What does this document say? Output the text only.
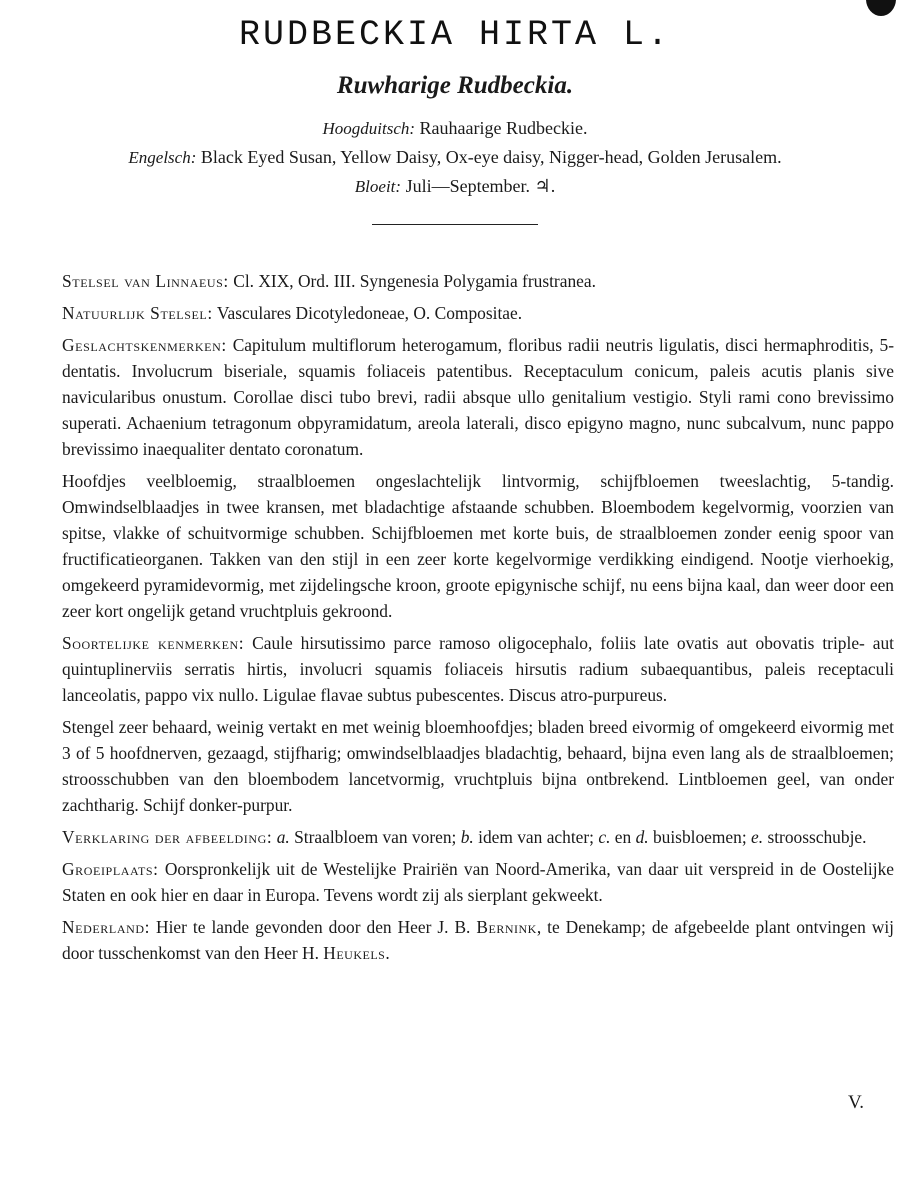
RUDBECKIA HIRTA L.
Ruwharige Rudbeckia.
Hoogduitsch: Rauhaarige Rudbeckie.
Engelsch: Black Eyed Susan, Yellow Daisy, Ox-eye daisy, Nigger-head, Golden Jerusalem.
Bloeit: Juli—September. ♃.

Stelsel van Linnaeus: Cl. XIX, Ord. III. Syngenesia Polygamia frustranea.

Natuurlijk Stelsel: Vasculares Dicotyledoneae, O. Compositae.

Geslachtskenmerken: Capitulum multiflorum heterogamum, floribus radii neutris ligulatis, disci hermaphroditis, 5-dentatis. Involucrum biseriale, squamis foliaceis patentibus. Receptaculum conicum, paleis acutis planis sive navicularibus onustum. Corollae disci tubo brevi, radii absque ullo genitalium vestigio. Styli rami cono brevissimo superati. Achaenium tetragonum obpyramidatum, areola laterali, disco epigyno magno, nunc subcalvum, nunc pappo brevissimo inaequaliter dentato coronatum.

Hoofdjes veelbloemig, straalbloemen ongeslachtelijk lintvormig, schijfbloemen tweeslachtig, 5-tandig. Omwindselblaadjes in twee kransen, met bladachtige afstaande schubben. Bloembodem kegelvormig, voorzien van spitse, vlakke of schuitvormige schubben. Schijfbloemen met korte buis, de straalbloemen zonder eenig spoor van fructificatieorganen. Takken van den stijl in een zeer korte kegelvormige verdikking eindigend. Nootje vierhoekig, omgekeerd pyramidevormig, met zijdelingsche kroon, groote epigynische schijf, nu eens bijna kaal, dan weer door een zeer kort ongelijk getand vruchtpluis gekroond.

Soortelijke kenmerken: Caule hirsutissimo parce ramoso oligocephalo, foliis late ovatis aut obovatis triple- aut quintuplinerviis serratis hirtis, involucri squamis foliaceis hirsutis radium subaequantibus, paleis receptaculi lanceolatis, pappo vix nullo. Ligulae flavae subtus pubescentes. Discus atro-purpureus.

Stengel zeer behaard, weinig vertakt en met weinig bloemhoofdjes; bladen breed eivormig of omgekeerd eivormig met 3 of 5 hoofdnerven, gezaagd, stijfharig; omwindselblaadjes bladachtig, behaard, bijna even lang als de straalbloemen; stroosschubben van den bloembodem lancetvormig, vruchtpluis bijna ontbrekend. Lintbloemen geel, van onder zachtharig. Schijf donker-purpur.

Verklaring der afbeelding: a. Straalbloem van voren; b. idem van achter; c. en d. buisbloemen; e. stroosschubje.

Groeiplaats: Oorspronkelijk uit de Westelijke Prairiën van Noord-Amerika, van daar uit verspreid in de Oostelijke Staten en ook hier en daar in Europa. Tevens wordt zij als sierplant gekweekt.

Nederland: Hier te lande gevonden door den Heer J. B. Bernink, te Denekamp; de afgebeelde plant ontvingen wij door tusschenkomst van den Heer H. Heukels.

V.
